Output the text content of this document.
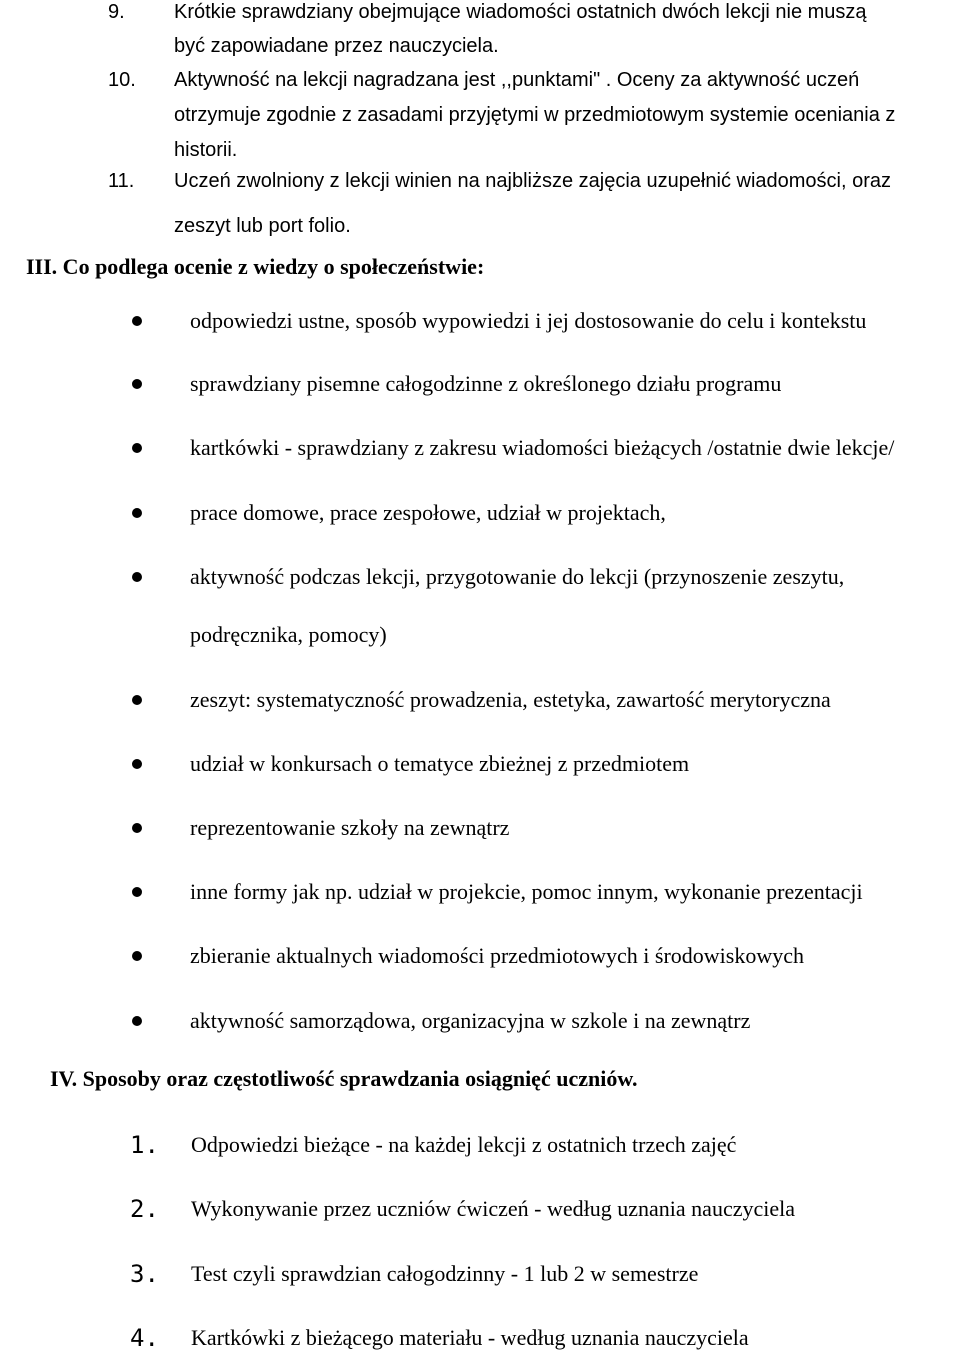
9. Krótkie sprawdziany obejmujące wiadomości ostatnich dwóch lekcji nie muszą
być zapowiadane przez nauczyciela.
10. Aktywność na lekcji nagradzana jest ,,punktami" . Oceny za aktywność uczeń
otrzymuje zgodnie z zasadami przyjętymi w przedmiotowym systemie oceniania z
historii.
11. Uczeń zwolniony z lekcji winien na najbliższe zajęcia uzupełnić wiadomości, oraz
zeszyt lub port folio.
III. Co podlega ocenie z wiedzy o społeczeństwie:
odpowiedzi ustne, sposób wypowiedzi i jej dostosowanie do celu i kontekstu
sprawdziany pisemne całogodzinne z określonego działu programu
kartkówki - sprawdziany z zakresu wiadomości bieżących /ostatnie dwie lekcje/
prace domowe, prace zespołowe, udział w projektach,
aktywność podczas lekcji, przygotowanie do lekcji (przynoszenie zeszytu,
podręcznika, pomocy)
zeszyt: systematyczność prowadzenia, estetyka, zawartość merytoryczna
udział w konkursach o tematyce zbieżnej z przedmiotem
reprezentowanie szkoły na zewnątrz
inne formy jak np. udział w projekcie, pomoc innym, wykonanie prezentacji
zbieranie aktualnych wiadomości przedmiotowych i środowiskowych
aktywność samorządowa, organizacyjna w szkole i na zewnątrz
IV. Sposoby oraz częstotliwość sprawdzania osiągnięć uczniów.
1. Odpowiedzi bieżące - na każdej lekcji z ostatnich trzech zajęć
2. Wykonywanie przez uczniów ćwiczeń - według uznania nauczyciela
3. Test czyli sprawdzian całogodzinny - 1 lub 2 w semestrze
4. Kartkówki z bieżącego materiału - według uznania nauczyciela
